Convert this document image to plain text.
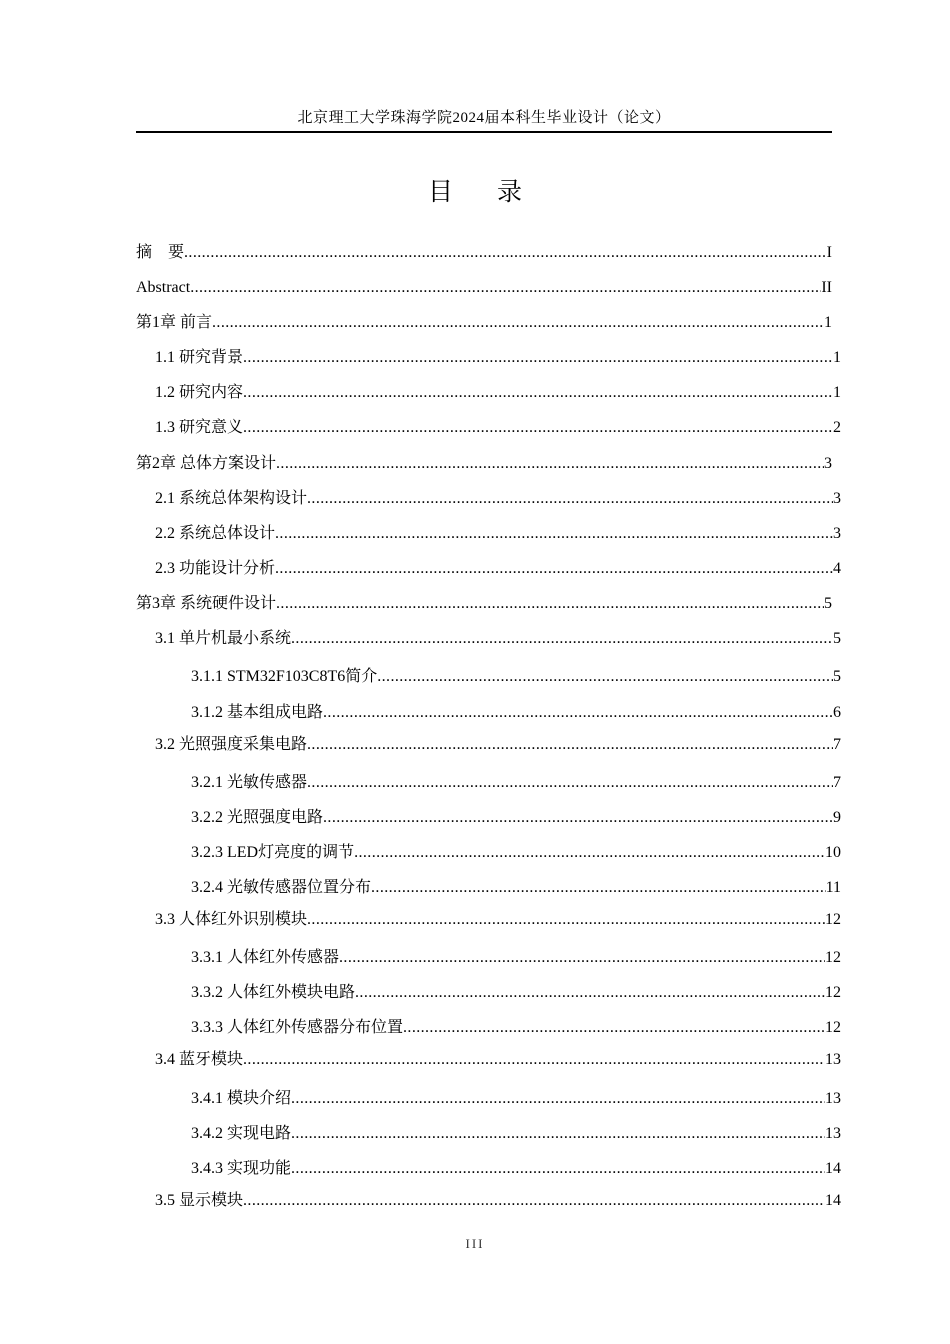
北京理工大学珠海学院2024届本科生毕业设计（论文）
目 录
摘　要 .....	I
Abstract .....	II
第1章 前言 .....	1
1.1 研究背景 .....	1
1.2 研究内容 .....	1
1.3 研究意义 .....	2
第2章 总体方案设计 .....	3
2.1 系统总体架构设计 .....	3
2.2 系统总体设计 .....	3
2.3 功能设计分析 .....	4
第3章 系统硬件设计 .....	5
3.1 单片机最小系统 .....	5
3.1.1 STM32F103C8T6简介 .....	5
3.1.2 基本组成电路 .....	6
3.2 光照强度采集电路 .....	7
3.2.1 光敏传感器 .....	7
3.2.2 光照强度电路 .....	9
3.2.3 LED灯亮度的调节 .....	10
3.2.4 光敏传感器位置分布 .....	11
3.3 人体红外识别模块 .....	12
3.3.1 人体红外传感器 .....	12
3.3.2 人体红外模块电路 .....	12
3.3.3 人体红外传感器分布位置 .....	12
3.4 蓝牙模块 .....	13
3.4.1 模块介绍 .....	13
3.4.2 实现电路 .....	13
3.4.3 实现功能 .....	14
3.5 显示模块 .....	14
III
